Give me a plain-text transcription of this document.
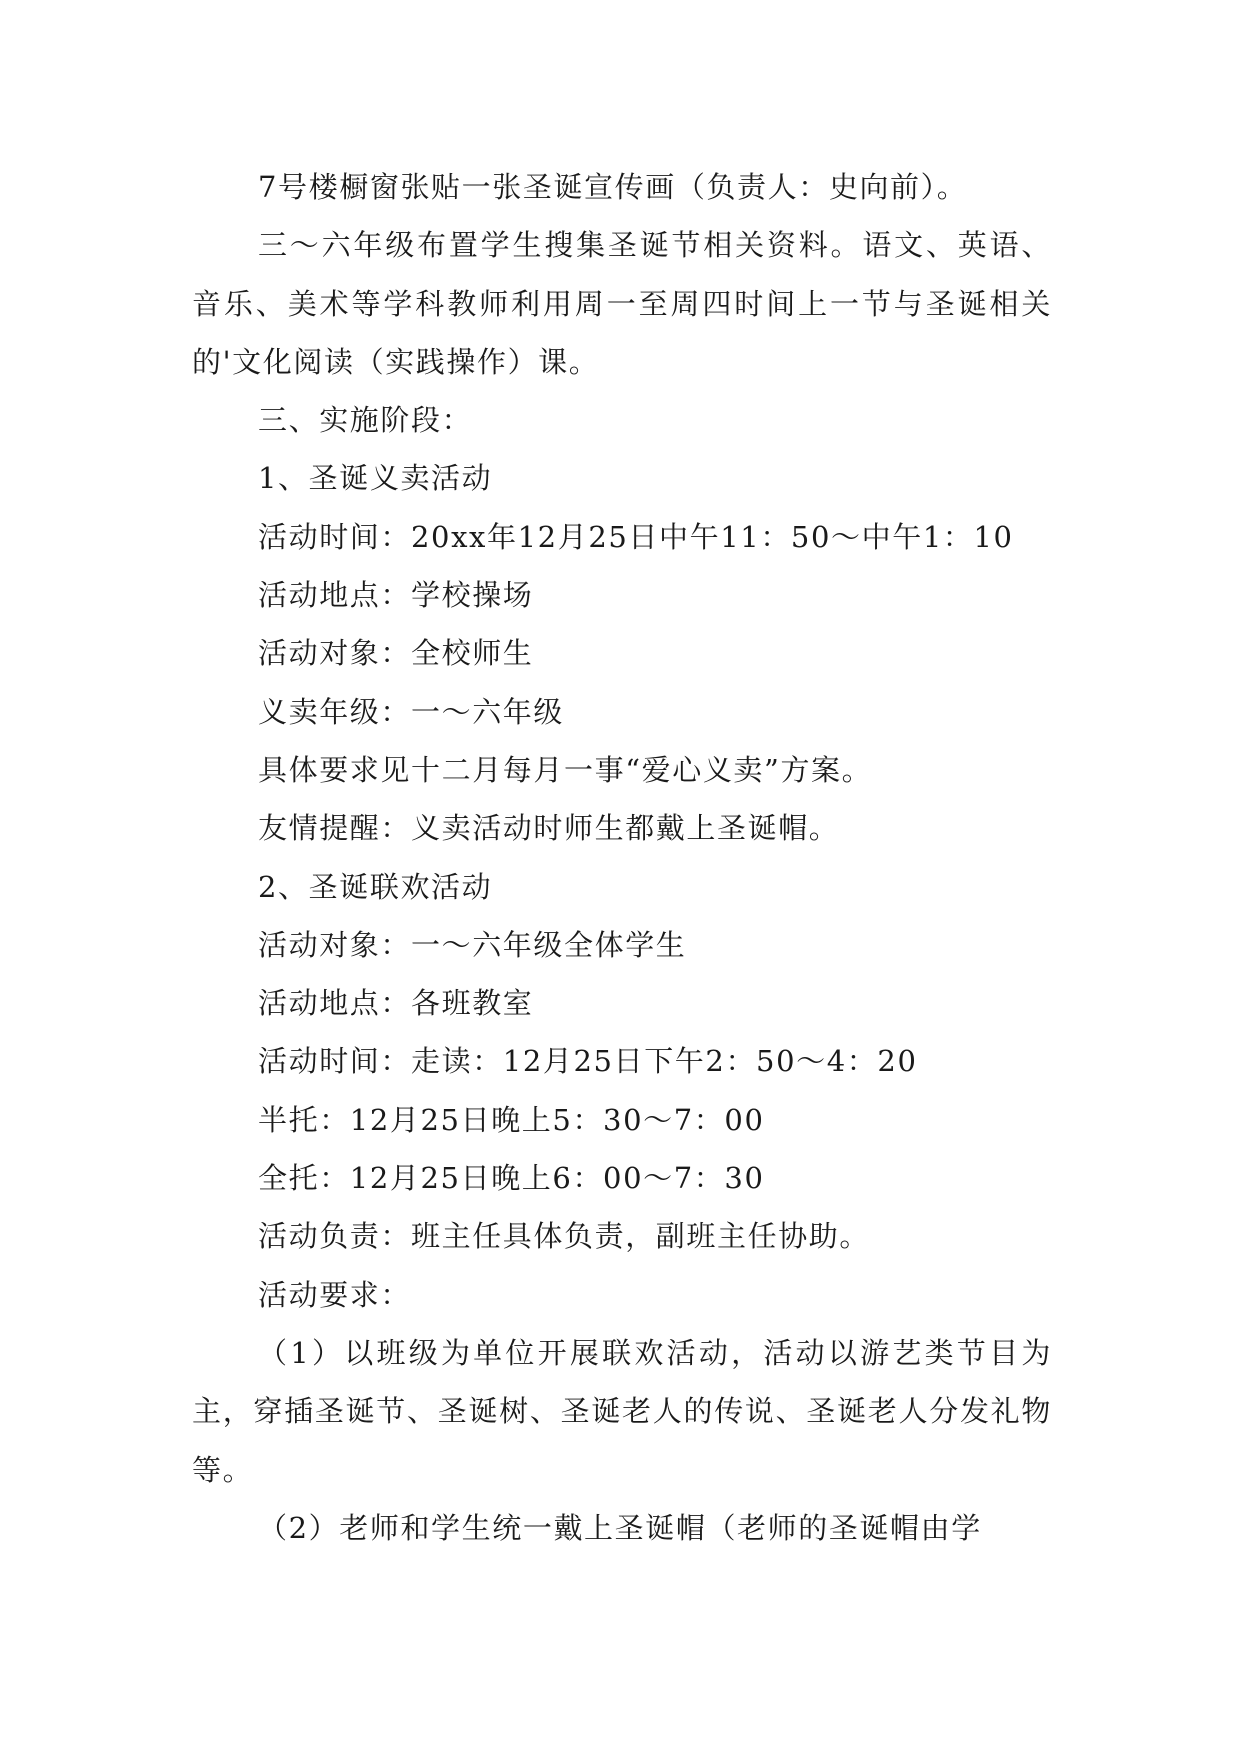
7号楼橱窗张贴一张圣诞宣传画（负责人：史向前）。

三～六年级布置学生搜集圣诞节相关资料。语文、英语、音乐、美术等学科教师利用周一至周四时间上一节与圣诞相关的'文化阅读（实践操作）课。

三、实施阶段：

1、圣诞义卖活动

活动时间：20xx年12月25日中午11：50～中午1：10

活动地点：学校操场

活动对象：全校师生

义卖年级：一～六年级

具体要求见十二月每月一事“爱心义卖”方案。

友情提醒：义卖活动时师生都戴上圣诞帽。

2、圣诞联欢活动

活动对象：一～六年级全体学生

活动地点：各班教室

活动时间：走读：12月25日下午2：50～4：20

半托：12月25日晚上5：30～7：00

全托：12月25日晚上6：00～7：30

活动负责：班主任具体负责，副班主任协助。

活动要求：

（1）以班级为单位开展联欢活动，活动以游艺类节目为主，穿插圣诞节、圣诞树、圣诞老人的传说、圣诞老人分发礼物等。

（2）老师和学生统一戴上圣诞帽（老师的圣诞帽由学
